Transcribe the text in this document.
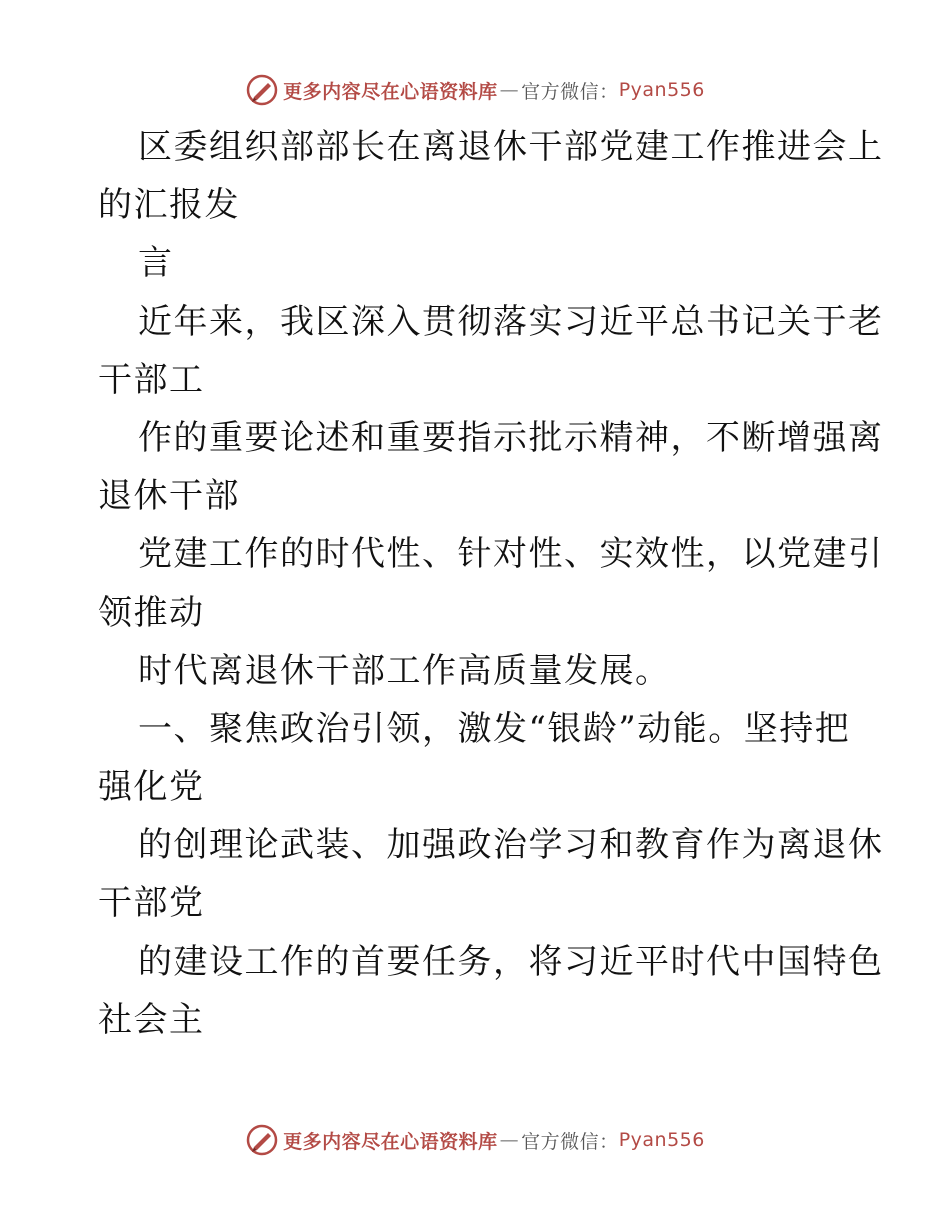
更多内容尽在心语资料库 — 官方微信： Pyan556
区委组织部部长在离退休干部党建工作推进会上
的汇报发
言
近年来，我区深入贯彻落实习近平总书记关于老
干部工
作的重要论述和重要指示批示精神，不断增强离
退休干部
党建工作的时代性、针对性、实效性，以党建引
领推动
时代离退休干部工作高质量发展。
一、聚焦政治引领，激发“银龄”动能。坚持把
强化党
的创理论武装、加强政治学习和教育作为离退休
干部党
的建设工作的首要任务，将习近平时代中国特色
社会主
更多内容尽在心语资料库 — 官方微信： Pyan556
